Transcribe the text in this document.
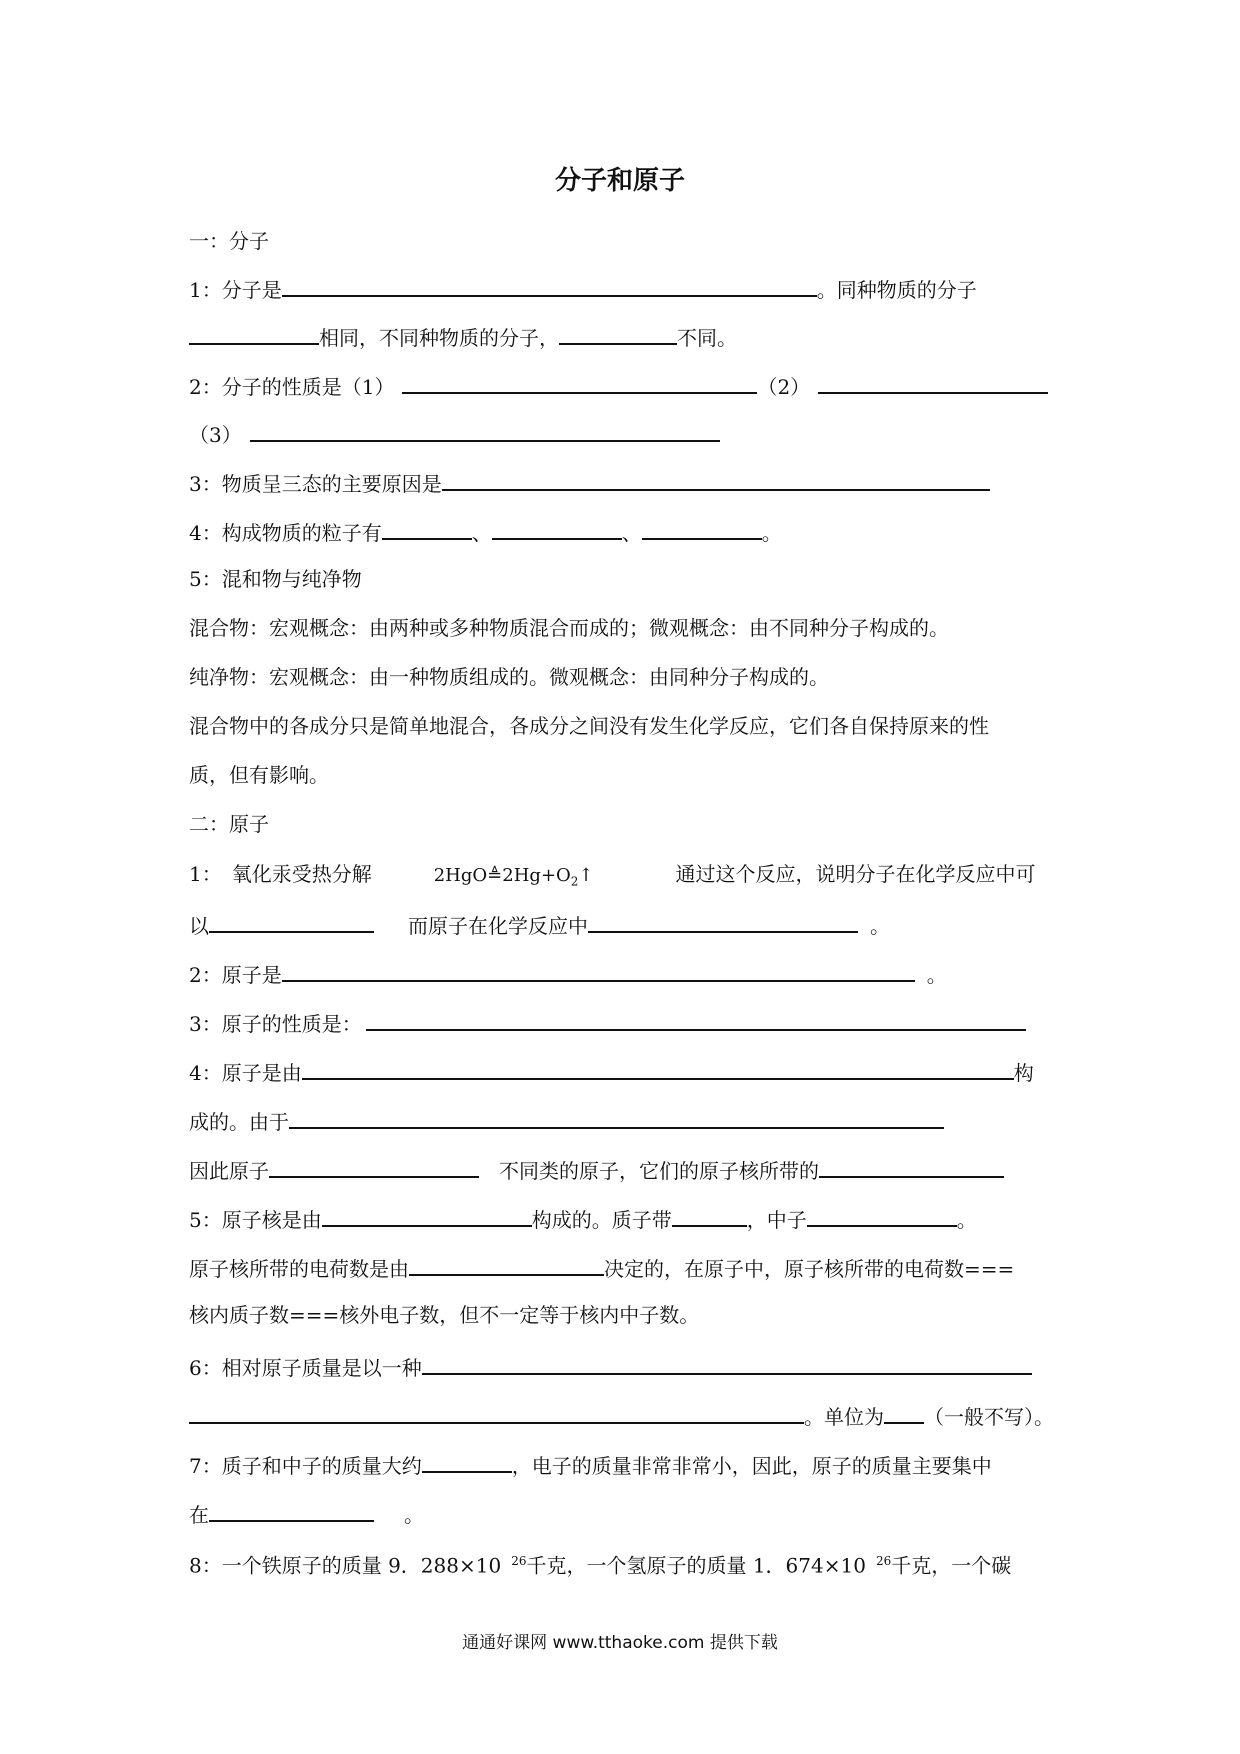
分子和原子
一：分子
1：分子是	。同种物质的分子
相同，不同种物质的分子，	不同。
2：分子的性质是（1）	（2）
（3）
3：物质呈三态的主要原因是
4：构成物质的粒子有	、	、	。
5：混和物与纯净物
混合物：宏观概念：由两种或多种物质混合而成的；微观概念：由不同种分子构成的。
纯净物：宏观概念：由一种物质组成的。微观概念：由同种分子构成的。
混合物中的各成分只是简单地混合，各成分之间没有发生化学反应，它们各自保持原来的性
质，但有影响。
二：原子
1：　氧化汞受热分解	$2HgO≜2Hg+O_2↑$	通过这个反应，说明分子在化学反应中可
以	而原子在化学反应中	。
2：原子是	。
3：原子的性质是：
4：原子是由	构
成的。由于
因此原子	不同类的原子，它们的原子核所带的
5：原子核是由	构成的。质子带	，中子	。
原子核所带的电荷数是由	决定的，在原子中，原子核所带的电荷数===
核内质子数===核外电子数，但不一定等于核内中子数。
6：相对原子质量是以一种
。单位为 （一般不写）。
7：质子和中子的质量大约	，电子的质量非常非常小，因此，原子的质量主要集中
在	。
8：一个铁原子的质量 9．288×10 $^{26}$千克，一个氢原子的质量 1．674×10 $^{26}$千克，一个碳
通通好课网 www.tthaoke.com 提供下载
